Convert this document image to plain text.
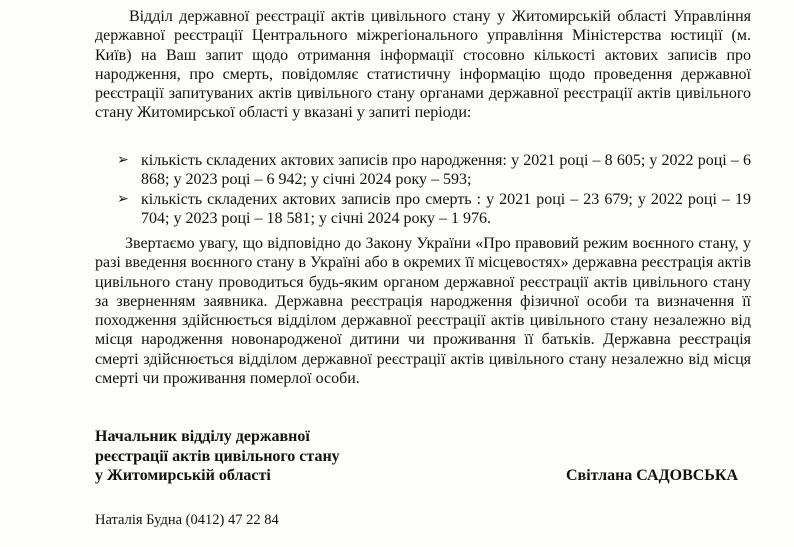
Відділ державної реєстрації актів цивільного стану у Житомирській області Управління державної реєстрації Центрального міжрегіонального управління Міністерства юстиції (м. Київ) на Ваш запит щодо отримання інформації стосовно кількості актових записів про народження, про смерть, повідомляє статистичну інформацію щодо проведення державної реєстрації запитуваних актів цивільного стану органами державної реєстрації актів цивільного стану Житомирської області у вказані у запиті періоди:
➢ кількість складених актових записів про народження: у 2021 році – 8 605; у 2022 році – 6 868; у 2023 році – 6 942; у січні 2024 року – 593;
➢ кількість складених актових записів про смерть : у 2021 році – 23 679; у 2022 році – 19 704; у 2023 році – 18 581; у січні 2024 року – 1 976.
Звертаємо увагу, що відповідно до Закону України «Про правовий режим воєнного стану, у разі введення воєнного стану в Україні або в окремих її місцевостях» державна реєстрація актів цивільного стану проводиться будь-яким органом державної реєстрації актів цивільного стану за зверненням заявника. Державна реєстрація народження фізичної особи та визначення її походження здійснюється відділом державної реєстрації актів цивільного стану незалежно від місця народження новонародженої дитини чи проживання її батьків. Державна реєстрація смерті здійснюється відділом державної реєстрації актів цивільного стану незалежно від місця смерті чи проживання померлої особи.
Начальник відділу державної
реєстрації актів цивільного стану
у Житомирській області	Світлана САДОВСЬКА
Наталія Будна (0412) 47 22 84
